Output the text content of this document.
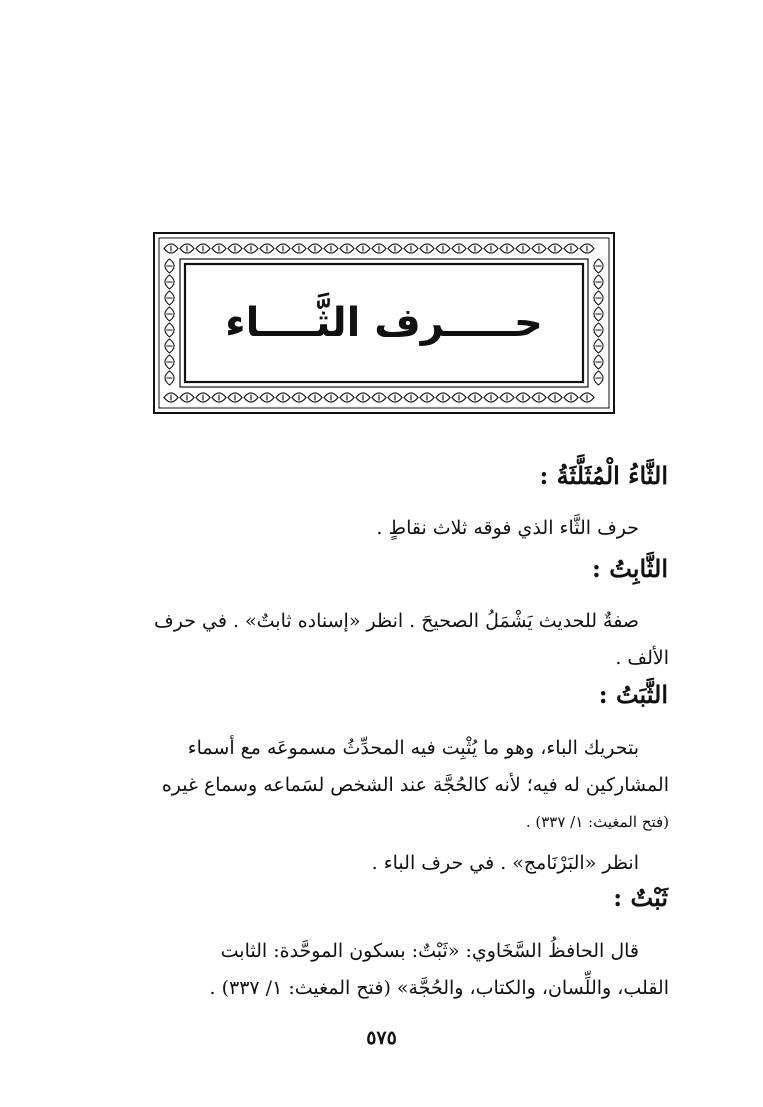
حـــــرف الثَّــــاء
الثَّاءُ الْمُثَلَّثَةُ :

حرف الثَّاء الذي فوقه ثلاث نقاطٍ .

الثَّابِتُ :

صفةٌ للحديث يَشْمَلُ الصحيحَ . انظر «إسناده ثابتٌ» . في حرف

الألف .

الثَّبَتُ :

بتحريك الباء، وهو ما يُثْبِت فيه المحدِّثُ مسموعَه مع أسماء

المشاركين له فيه؛ لأنه كالحُجَّة عند الشخص لسَماعه وسماع غيره

(فتح المغيث: ١/ ٣٣٧) .

انظر «البَرْنَامج» . في حرف الباء .

ثَبْتٌ :

قال الحافظُ السَّخَاوي: «ثَبْتٌ: بسكون الموحَّدة: الثابت

القلب، واللِّسان، والكتاب، والحُجَّة» (فتح المغيث: ١/ ٣٣٧) .

٥٧٥
